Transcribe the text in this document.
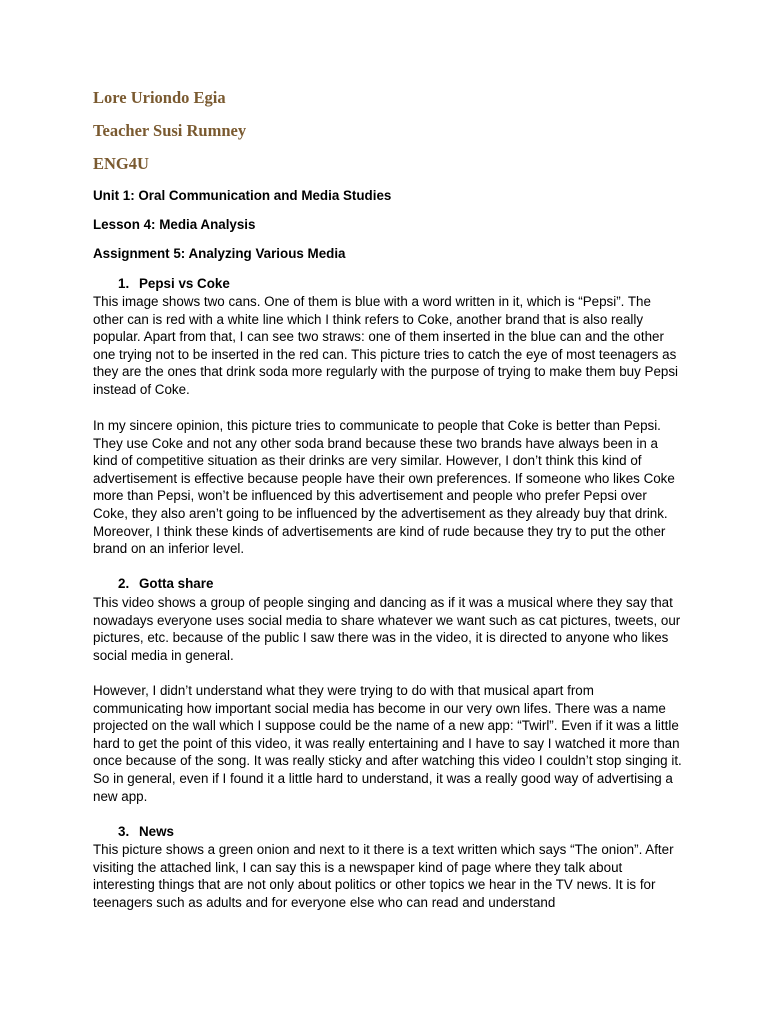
Lore Uriondo Egia
Teacher Susi Rumney
ENG4U
Unit 1: Oral Communication and Media Studies
Lesson 4: Media Analysis
Assignment 5: Analyzing Various Media
1. Pepsi vs Coke

This image shows two cans. One of them is blue with a word written in it, which is “Pepsi”. The other can is red with a white line which I think refers to Coke, another brand that is also really popular. Apart from that, I can see two straws: one of them inserted in the blue can and the other one trying not to be inserted in the red can. This picture tries to catch the eye of most teenagers as they are the ones that drink soda more regularly with the purpose of trying to make them buy Pepsi instead of Coke.

In my sincere opinion, this picture tries to communicate to people that Coke is better than Pepsi. They use Coke and not any other soda brand because these two brands have always been in a kind of competitive situation as their drinks are very similar. However, I don’t think this kind of advertisement is effective because people have their own preferences. If someone who likes Coke more than Pepsi, won’t be influenced by this advertisement and people who prefer Pepsi over Coke, they also aren’t going to be influenced by the advertisement as they already buy that drink. Moreover, I think these kinds of advertisements are kind of rude because they try to put the other brand on an inferior level.

2. Gotta share

This video shows a group of people singing and dancing as if it was a musical where they say that nowadays everyone uses social media to share whatever we want such as cat pictures, tweets, our pictures, etc. because of the public I saw there was in the video, it is directed to anyone who likes social media in general.

However, I didn’t understand what they were trying to do with that musical apart from communicating how important social media has become in our very own lifes. There was a name projected on the wall which I suppose could be the name of a new app: “Twirl”. Even if it was a little hard to get the point of this video, it was really entertaining and I have to say I watched it more than once because of the song. It was really sticky and after watching this video I couldn’t stop singing it. So in general, even if I found it a little hard to understand, it was a really good way of advertising a new app.

3. News

This picture shows a green onion and next to it there is a text written which says “The onion”. After visiting the attached link, I can say this is a newspaper kind of page where they talk about interesting things that are not only about politics or other topics we hear in the TV news. It is for teenagers such as adults and for everyone else who can read and understand
